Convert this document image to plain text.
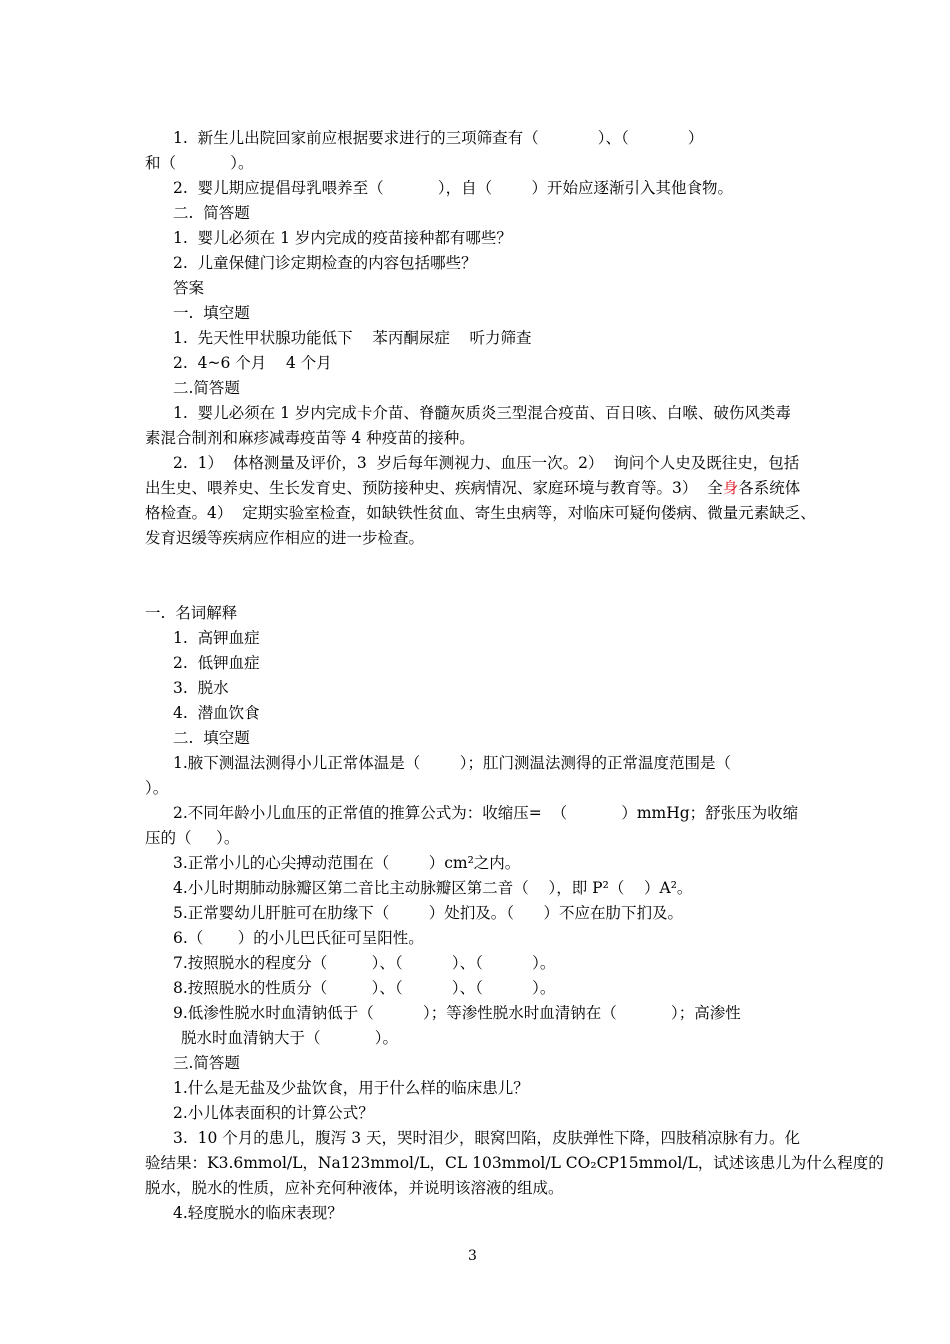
1.  新生儿出院回家前应根据要求进行的三项筛查有（            ）、（            ）
和（           ）。
2.  婴儿期应提倡母乳喂养至（           ），自（        ）开始应逐渐引入其他食物。
二.  简答题
1.  婴儿必须在 1 岁内完成的疫苗接种都有哪些？
2.  儿童保健门诊定期检查的内容包括哪些？
答案
一.  填空题
1.  先天性甲状腺功能低下    苯丙酮尿症    听力筛查
2.  4~6 个月    4 个月
二.简答题
1.  婴儿必须在 1 岁内完成卡介苗、脊髓灰质炎三型混合疫苗、百日咳、白喉、破伤风类毒
素混合制剂和麻疹减毒疫苗等 4 种疫苗的接种。
2.  1）  体格测量及评价，3  岁后每年测视力、血压一次。2）  询问个人史及既往史，包括
出生史、喂养史、生长发育史、预防接种史、疾病情况、家庭环境与教育等。3）  全身各系统体
格检查。4）  定期实验室检查，如缺铁性贫血、寄生虫病等，对临床可疑佝偻病、微量元素缺乏、
发育迟缓等疾病应作相应的进一步检查。
一.  名词解释
1.  高钾血症
2.  低钾血症
3.  脱水
4.  潜血饮食
二.  填空题
1.腋下测温法测得小儿正常体温是（        ）；肛门测温法测得的正常温度范围是（
）。
2.不同年龄小儿血压的正常值的推算公式为：收缩压=  （           ）mmHg；舒张压为收缩
压的（     ）。
3.正常小儿的心尖搏动范围在（        ）cm²之内。
4.小儿时期肺动脉瓣区第二音比主动脉瓣区第二音（    ），即 P²（    ）A²。
5.正常婴幼儿肝脏可在肋缘下（        ）处扪及。（      ）不应在肋下扪及。
6.（       ）的小儿巴氏征可呈阳性。
7.按照脱水的程度分（         ）、（          ）、（          ）。
8.按照脱水的性质分（         ）、（          ）、（          ）。
9.低渗性脱水时血清钠低于（          ）；等渗性脱水时血清钠在（           ）；高渗性
脱水时血清钠大于（           ）。
三.简答题
1.什么是无盐及少盐饮食，用于什么样的临床患儿？
2.小儿体表面积的计算公式？
3.  10 个月的患儿，腹泻 3 天，哭时泪少，眼窝凹陷，皮肤弹性下降，四肢稍凉脉有力。化
验结果：K3.6mmol/L，Na123mmol/L，CL 103mmol/L CO₂CP15mmol/L，试述该患儿为什么程度的
脱水，脱水的性质，应补充何种液体，并说明该溶液的组成。
4.轻度脱水的临床表现？
3
